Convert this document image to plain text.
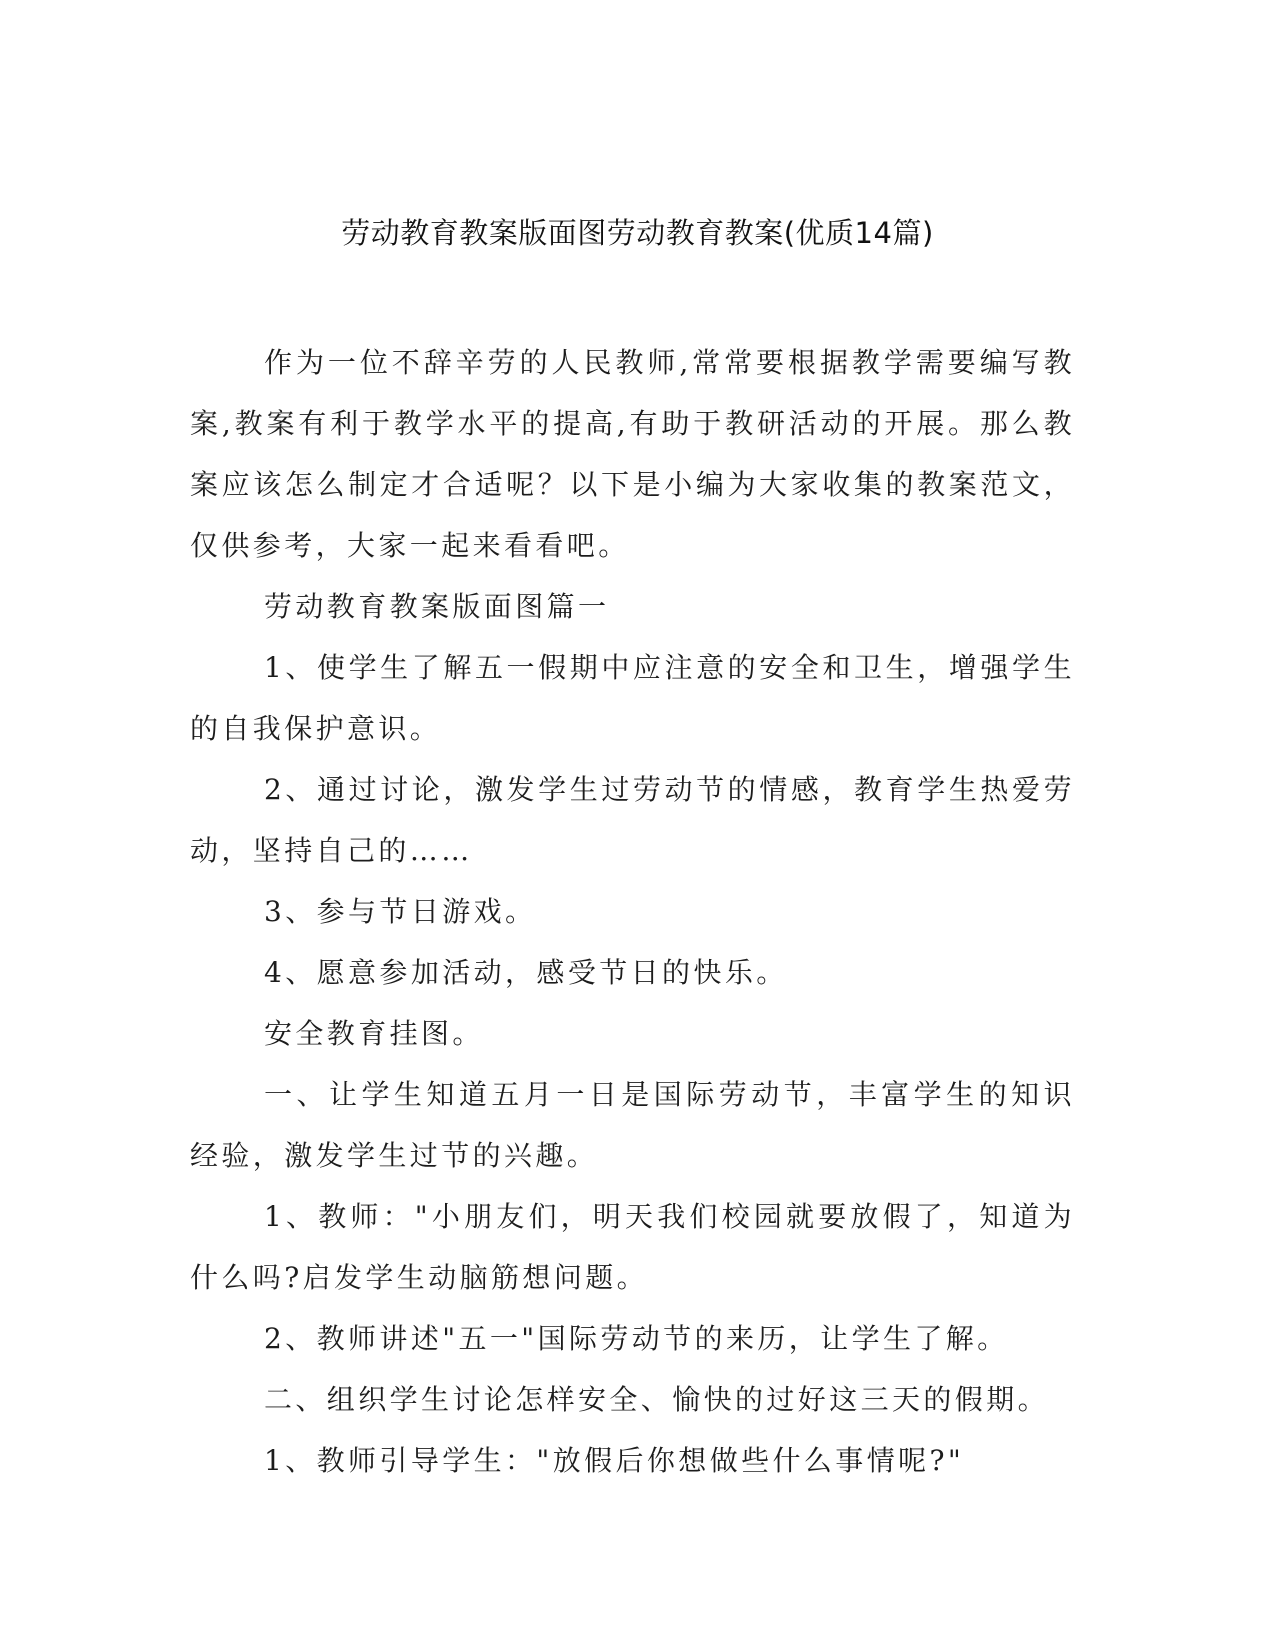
劳动教育教案版面图劳动教育教案(优质14篇)

作为一位不辞辛劳的人民教师,常常要根据教学需要编写教案,教案有利于教学水平的提高,有助于教研活动的开展。那么教案应该怎么制定才合适呢？以下是小编为大家收集的教案范文，仅供参考，大家一起来看看吧。

劳动教育教案版面图篇一

1、使学生了解五一假期中应注意的安全和卫生，增强学生的自我保护意识。

2、通过讨论，激发学生过劳动节的情感，教育学生热爱劳动，坚持自己的……

3、参与节日游戏。

4、愿意参加活动，感受节日的快乐。

安全教育挂图。

一、让学生知道五月一日是国际劳动节，丰富学生的知识经验，激发学生过节的兴趣。

1、教师："小朋友们，明天我们校园就要放假了，知道为什么吗?启发学生动脑筋想问题。

2、教师讲述"五一"国际劳动节的来历，让学生了解。

二、组织学生讨论怎样安全、愉快的过好这三天的假期。

1、教师引导学生："放假后你想做些什么事情呢?"
